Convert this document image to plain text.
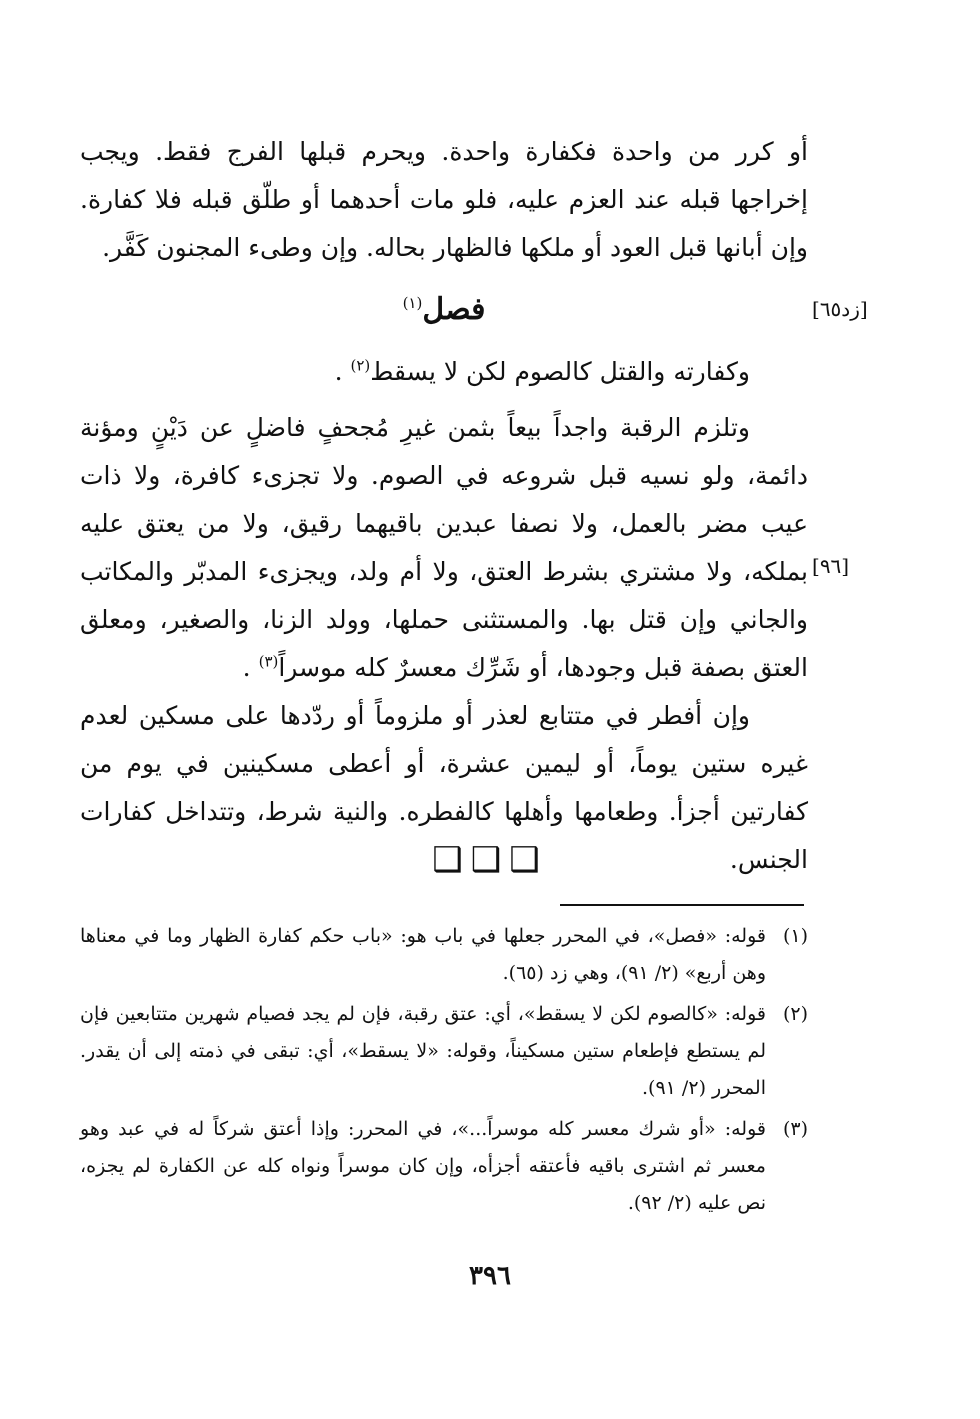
أو كرر من واحدة فكفارة واحدة. ويحرم قبلها الفرج فقط. ويجب إخراجها قبله عند العزم عليه، فلو مات أحدهما أو طلّق قبله فلا كفارة. وإن أبانها قبل العود أو ملكها فالظهار بحاله. وإن وطىء المجنون كَفَّر.

فصل$^{(١)}$	[زد٦٥]

وكفارته والقتل كالصوم لكن لا يسقط$^{(٢)}$ .

وتلزم الرقبة واجداً بيعاً بثمن غيرِ مُجحفٍ فاضلٍ عن دَيْنٍ ومؤنة دائمة، ولو نسيه قبل شروعه في الصوم. ولا تجزىء كافرة، ولا ذات عيب مضر بالعمل، ولا نصفا عبدين باقيهما رقيق، ولا من يعتق عليه بملكه، ولا مشتري بشرط العتق، ولا أم ولد، ويجزىء المدبّر والمكاتب والجاني وإن قتل بها. والمستثنى حملها، وولد الزنا، والصغير، ومعلق العتق بصفة قبل وجودها، أو شَرِّك معسرٌ كله موسراً$^{(٣)}$ .

[٩٦]

وإن أفطر في متتابع لعذر أو ملزوماً أو ردّدها على مسكين لعدم غيره ستين يوماً، أو ليمين عشرة، أو أعطى مسكينين في يوم من كفارتين أجزأ. وطعامها وأهلها كالفطره. والنية شرط، وتتداخل كفارات الجنس.

❑❑❑
(١)
قوله: «فصل»، في المحرر جعلها في باب هو: «باب حكم كفارة الظهار وما في معناها وهن أربع» (٢/ ٩١)، وهي زد (٦٥).
(٢)
قوله: «كالصوم لكن لا يسقط»، أي: عتق رقبة، فإن لم يجد فصيام شهرين متتابعين فإن لم يستطع فإطعام ستين مسكيناً، وقوله: «لا يسقط»، أي: تبقى في ذمته إلى أن يقدر. المحرر (٢/ ٩١).
(٣)
قوله: «أو شرك معسر كله موسراً...»، في المحرر: وإذا أعتق شركاً له في عبد وهو معسر ثم اشترى باقيه فأعتقه أجزأه، وإن كان موسراً ونواه كله عن الكفارة لم يجزه، نص عليه (٢/ ٩٢).
٣٩٦
